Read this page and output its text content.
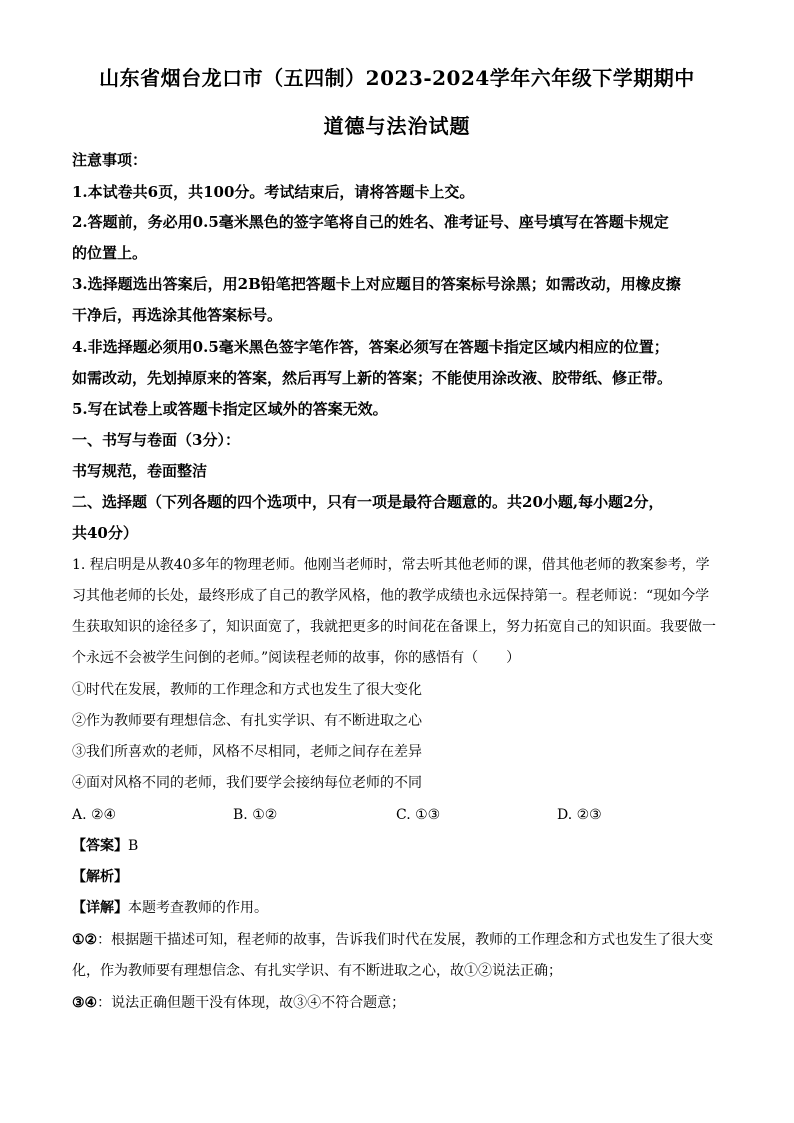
山东省烟台龙口市（五四制）2023-2024学年六年级下学期期中
道德与法治试题
注意事项：
1.本试卷共6页，共100分。考试结束后，请将答题卡上交。
2.答题前，务必用0.5毫米黑色的签字笔将自己的姓名、准考证号、座号填写在答题卡规定
的位置上。
3.选择题选出答案后，用2B铅笔把答题卡上对应题目的答案标号涂黑；如需改动，用橡皮擦
干净后，再选涂其他答案标号。
4.非选择题必须用0.5毫米黑色签字笔作答，答案必须写在答题卡指定区域内相应的位置；
如需改动，先划掉原来的答案，然后再写上新的答案；不能使用涂改液、胶带纸、修正带。
5.写在试卷上或答题卡指定区域外的答案无效。
一、书写与卷面（3分）：
书写规范，卷面整洁
二、选择题（下列各题的四个选项中，只有一项是最符合题意的。共20小题,每小题2分，
共40分）
1. 程启明是从教40多年的物理老师。他刚当老师时，常去听其他老师的课，借其他老师的教案参考，学
习其他老师的长处，最终形成了自己的教学风格，他的教学成绩也永远保持第一。程老师说：“现如今学
生获取知识的途径多了，知识面宽了，我就把更多的时间花在备课上，努力拓宽自己的知识面。我要做一
个永远不会被学生问倒的老师。”阅读程老师的故事，你的感悟有（　　）
①时代在发展，教师的工作理念和方式也发生了很大变化
②作为教师要有理想信念、有扎实学识、有不断进取之心
③我们所喜欢的老师，风格不尽相同，老师之间存在差异
④面对风格不同的老师，我们要学会接纳每位老师的不同
A. ②④	B. ①②	C. ①③	D. ②③
【答案】B
【解析】
【详解】本题考查教师的作用。
①②：根据题干描述可知，程老师的故事，告诉我们时代在发展，教师的工作理念和方式也发生了很大变
化，作为教师要有理想信念、有扎实学识、有不断进取之心，故①②说法正确；
③④：说法正确但题干没有体现，故③④不符合题意；
